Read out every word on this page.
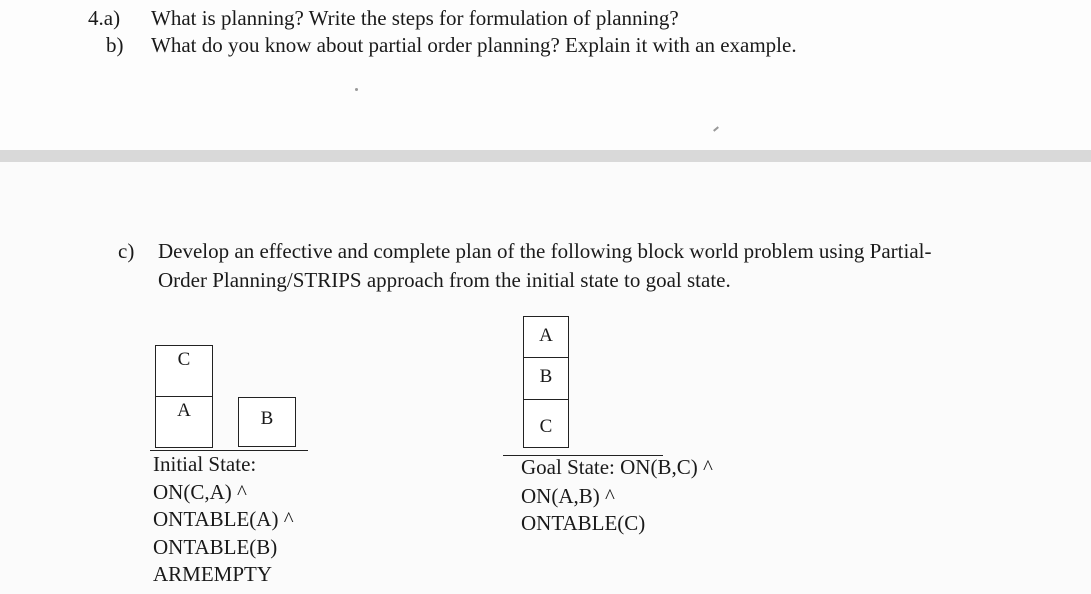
4.a) What is planning? Write the steps for formulation of planning?
b) What do you know about partial order planning? Explain it with an example.
c) Develop an effective and complete plan of the following block world problem using Partial-
Order Planning/STRIPS approach from the initial state to goal state.
C
A	B
Initial State:
ON(C,A) ^
ONTABLE(A) ^
ONTABLE(B)
ARMEMPTY
A
B
C
Goal State: ON(B,C) ^
ON(A,B) ^
ONTABLE(C)
